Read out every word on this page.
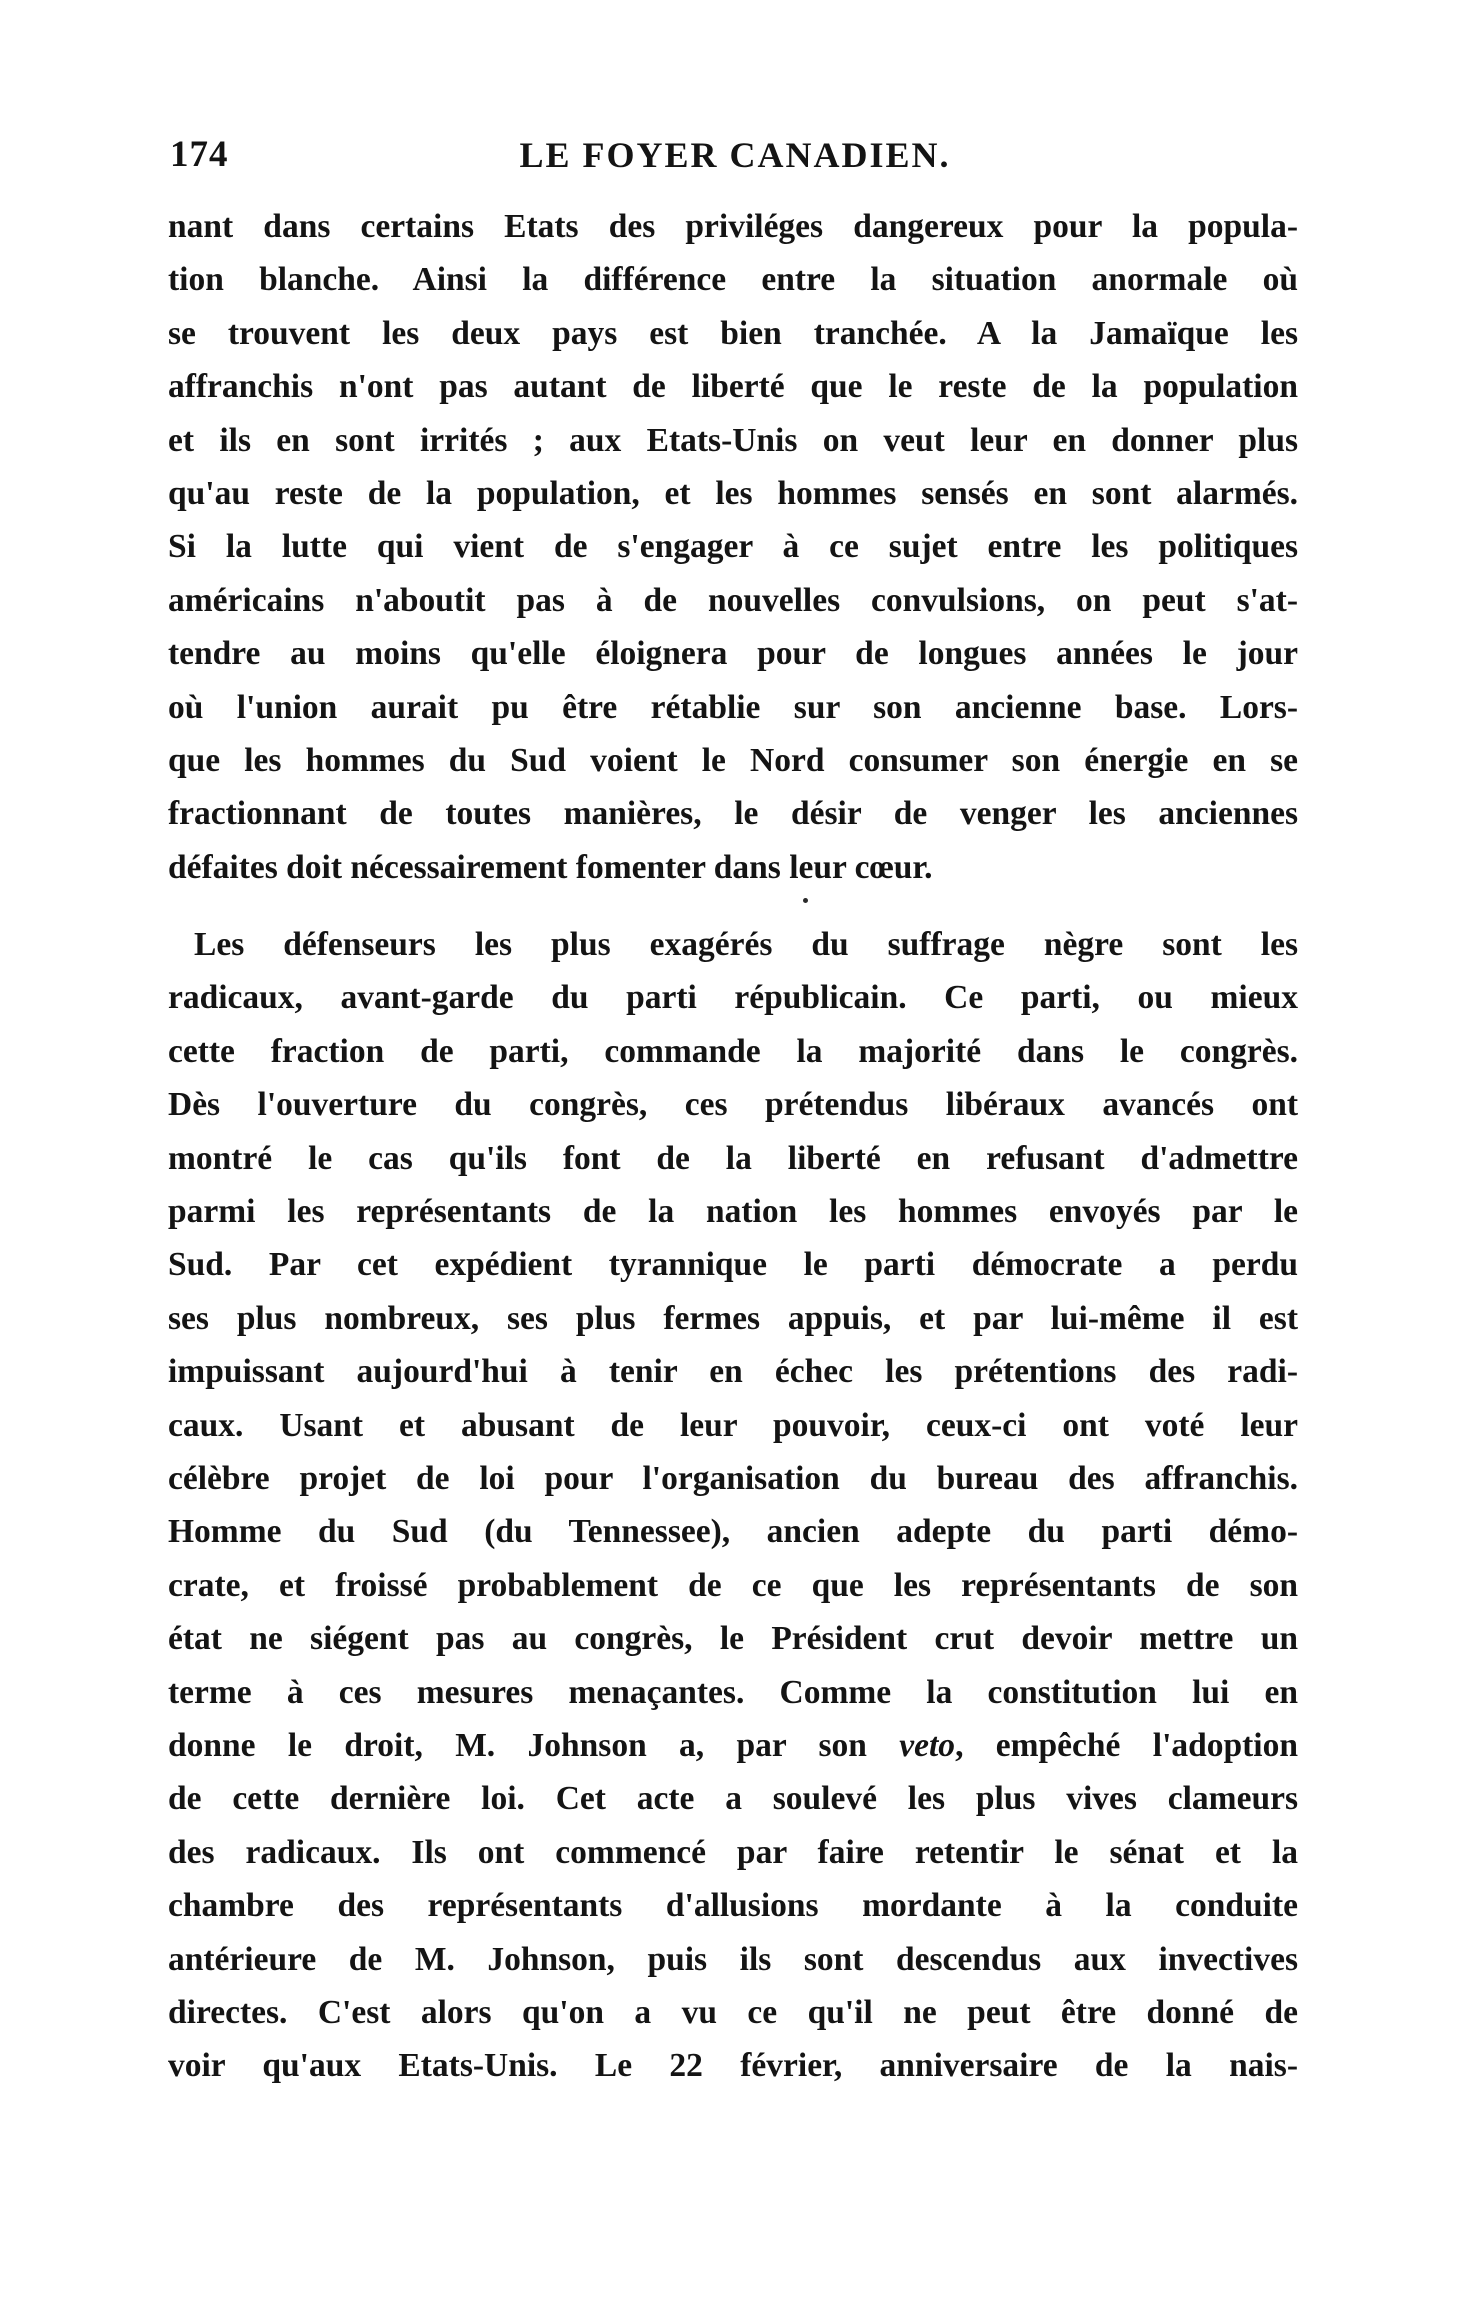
174	LE FOYER CANADIEN.
nant dans certains Etats des priviléges dangereux pour la popula-
tion blanche. Ainsi la différence entre la situation anormale où
se trouvent les deux pays est bien tranchée. A la Jamaïque les
affranchis n'ont pas autant de liberté que le reste de la population
et ils en sont irrités ; aux Etats-Unis on veut leur en donner plus
qu'au reste de la population, et les hommes sensés en sont alarmés.
Si la lutte qui vient de s'engager à ce sujet entre les politiques
américains n'aboutit pas à de nouvelles convulsions, on peut s'at-
tendre au moins qu'elle éloignera pour de longues années le jour
où l'union aurait pu être rétablie sur son ancienne base. Lors-
que les hommes du Sud voient le Nord consumer son énergie en se
fractionnant de toutes manières, le désir de venger les anciennes
défaites doit nécessairement fomenter dans leur cœur.
Les défenseurs les plus exagérés du suffrage nègre sont les
radicaux, avant-garde du parti républicain. Ce parti, ou mieux
cette fraction de parti, commande la majorité dans le congrès.
Dès l'ouverture du congrès, ces prétendus libéraux avancés ont
montré le cas qu'ils font de la liberté en refusant d'admettre
parmi les représentants de la nation les hommes envoyés par le
Sud. Par cet expédient tyrannique le parti démocrate a perdu
ses plus nombreux, ses plus fermes appuis, et par lui-même il est
impuissant aujourd'hui à tenir en échec les prétentions des radi-
caux. Usant et abusant de leur pouvoir, ceux-ci ont voté leur
célèbre projet de loi pour l'organisation du bureau des affranchis.
Homme du Sud (du Tennessee), ancien adepte du parti démo-
crate, et froissé probablement de ce que les représentants de son
état ne siégent pas au congrès, le Président crut devoir mettre un
terme à ces mesures menaçantes. Comme la constitution lui en
donne le droit, M. Johnson a, par son veto, empêché l'adoption
de cette dernière loi. Cet acte a soulevé les plus vives clameurs
des radicaux. Ils ont commencé par faire retentir le sénat et la
chambre des représentants d'allusions mordante à la conduite
antérieure de M. Johnson, puis ils sont descendus aux invectives
directes. C'est alors qu'on a vu ce qu'il ne peut être donné de
voir qu'aux Etats-Unis. Le 22 février, anniversaire de la nais-
